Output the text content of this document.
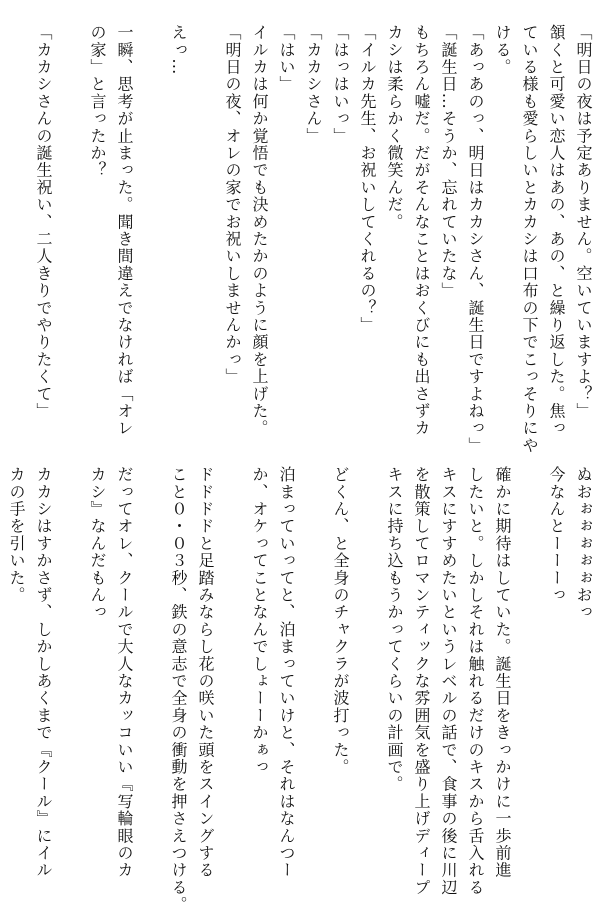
「明日の夜は予定ありません。空いていますよ？」
頷くと可愛い恋人はあの、あの、と繰り返した。焦っ
ている様も愛らしいとカカシは口布の下でこっそりにや
ける。
「あっあのっ、明日はカカシさん、誕生日ですよねっ」
「誕生日…そうか、忘れていたな」
もちろん嘘だ。だがそんなことはおくびにも出さずカ
カシは柔らかく微笑んだ。
「イルカ先生、お祝いしてくれるの？」
「はっはいっ」
「カカシさん」
「はい」
イルカは何か覚悟でも決めたかのように顔を上げた。
「明日の夜、オレの家でお祝いしませんかっ」
えっ…
一瞬、思考が止まった。聞き間違えでなければ「オレ
の家」と言ったか？
「カカシさんの誕生祝い、二人きりでやりたくて」
ぬおぉぉぉぉぉおっ
今なんとーーーっ
確かに期待はしていた。誕生日をきっかけに一歩前進
したいと。しかしそれは触れるだけのキスから舌入れる
キスにすすめたいというレベルの話で、食事の後に川辺
を散策してロマンティックな雰囲気を盛り上げディープ
キスに持ち込もうかってくらいの計画で。
どくん、と全身のチャクラが波打った。
泊まっていってと、泊まっていけと、それはなんつー
か、オケってことなんでしょーーかぁっ
ドドドドと足踏みならし花の咲いた頭をスイングする
こと０・０３秒、鉄の意志で全身の衝動を押さえつける。
だってオレ、クールで大人なカッコいい『写輪眼のカ
カシ』なんだもんっ
カカシはすかさず、しかしあくまで『クール』にイル
カの手を引いた。
